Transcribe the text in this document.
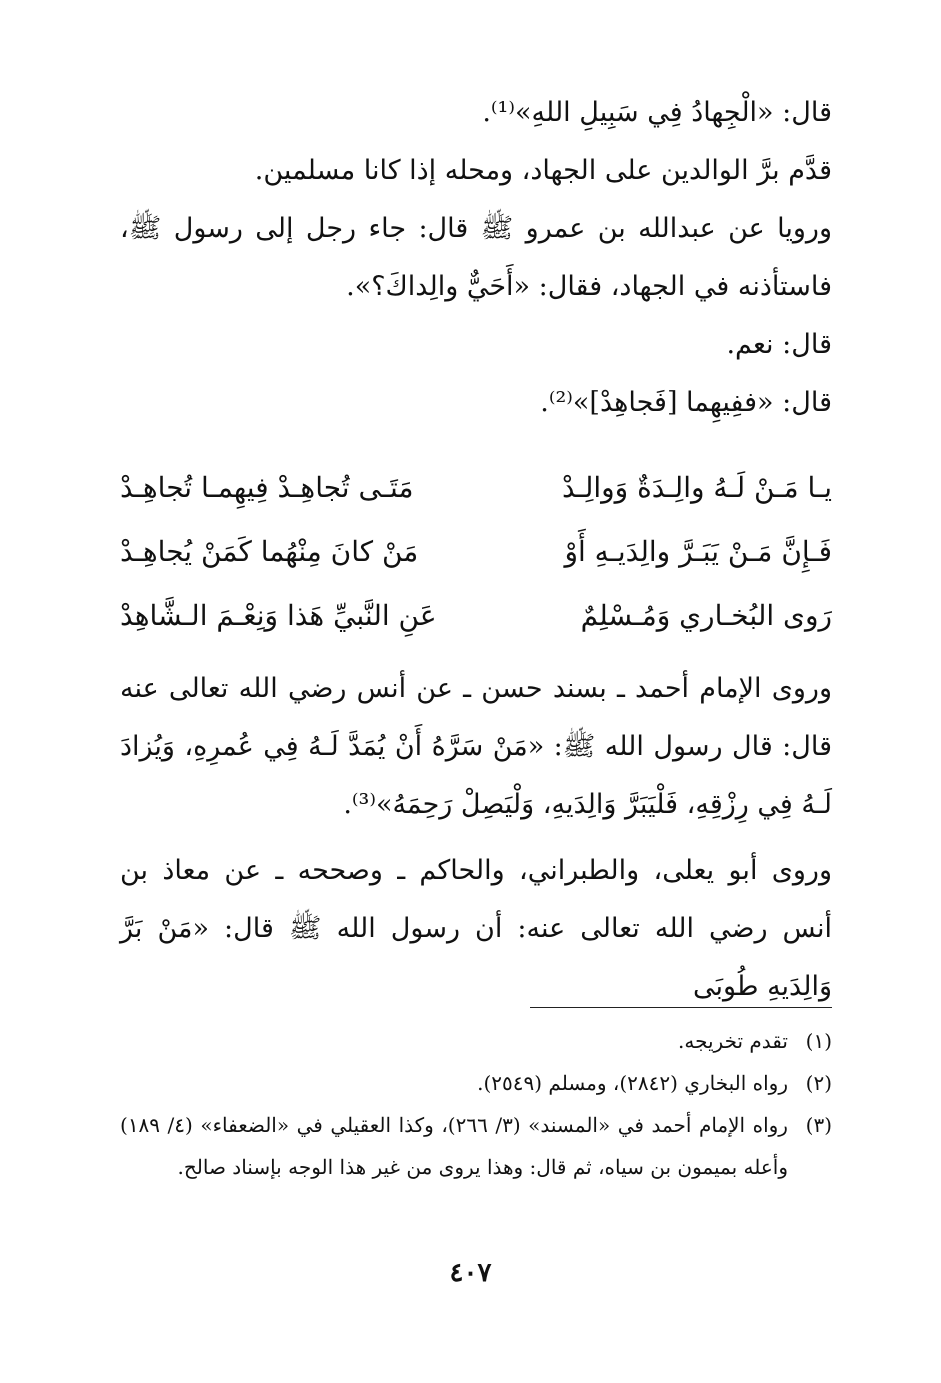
قال: «الْجِهادُ فِي سَبِيلِ اللهِ»⁽¹⁾.

قدَّم برَّ الوالدين على الجهاد، ومحله إذا كانا مسلمين.

ورويا عن عبدالله بن عمرو ﷺ قال: جاء رجل إلى رسول ﷺ، فاستأذنه في الجهاد، فقال: «أَحَيٌّ والِداكَ؟».

قال: نعم.

قال: «ففِيهِما [فَجاهِدْ]»⁽²⁾.

يـا مَـنْ لَـهُ والِـدَةٌ وَوالِـدْ
مَتَـى تُجاهِـدْ فِيهِمـا تُجاهِـدْ
فَـإِنَّ مَـنْ يَبَـرَّ والِدَيـهِ أَوْ
مَنْ كانَ مِنْهُما كَمَنْ يُجاهِـدْ
رَوى البُخـاري وَمُـسْلِمٌ
عَنِ النَّبيِّ هَذا وَنِعْـمَ الـشَّاهِدْ

وروى الإمام أحمد ـ بسند حسن ـ عن أنس رضي الله تعالى عنه قال: قال رسول الله ﷺ: «مَنْ سَرَّهُ أَنْ يُمَدَّ لَـهُ فِي عُمرِهِ، وَيُزادَ لَـهُ فِي رِزْقِهِ، فَلْيَبَرَّ وَالِدَيهِ، وَلْيَصِلْ رَحِمَهُ»⁽³⁾.

وروى أبو يعلى، والطبراني، والحاكم ـ وصححه ـ عن معاذ بن أنس رضي الله تعالى عنه: أن رسول الله ﷺ قال: «مَنْ بَرَّ وَالِدَيهِ طُوبَى

(١)
تقدم تخريجه.
(٢)
رواه البخاري (٢٨٤٢)، ومسلم (٢٥٤٩).
(٣)
رواه الإمام أحمد في «المسند» (٣/ ٢٦٦)، وكذا العقيلي في «الضعفاء» (٤/ ١٨٩) وأعله بميمون بن سياه، ثم قال: وهذا يروى من غير هذا الوجه بإسناد صالح.
٤٠٧
